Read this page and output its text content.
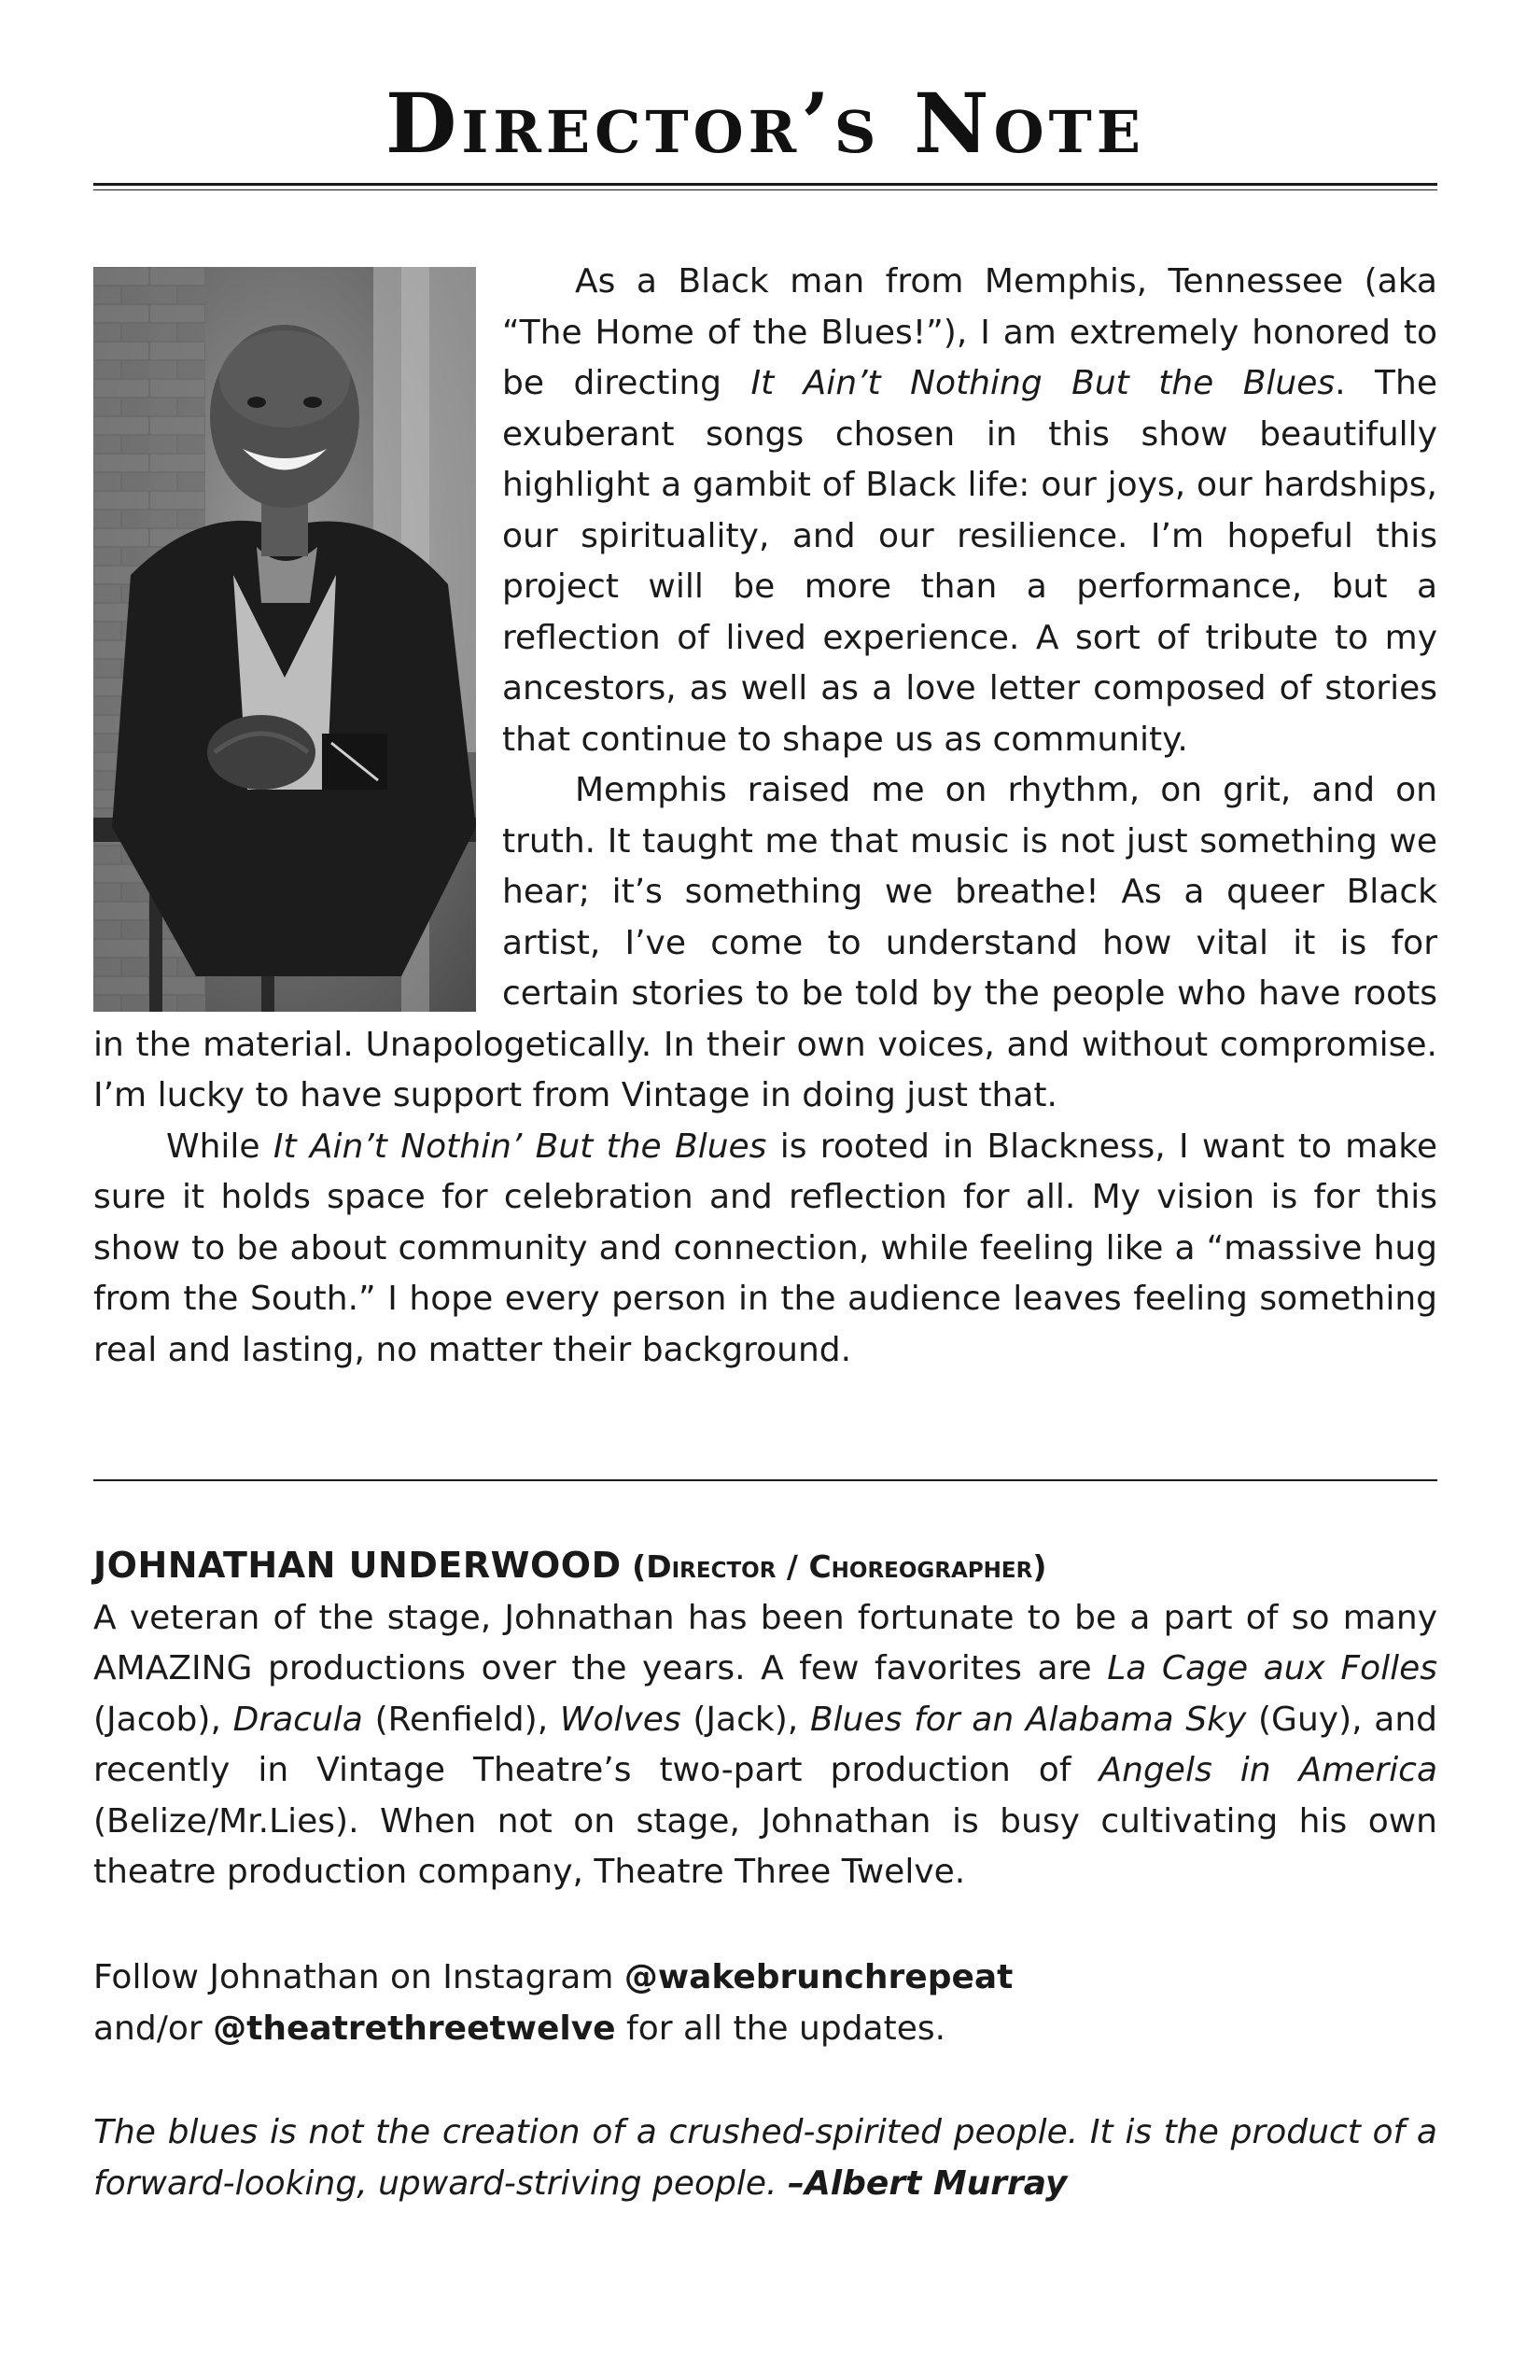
Director’s Note

As a Black man from Memphis, Tennessee (aka “The Home of the Blues!”), I am extremely honored to be directing It Ain’t Nothing But the Blues. The exuberant songs chosen in this show beautifully highlight a gambit of Black life: our joys, our hardships, our spirituality, and our resilience. I’m hopeful this project will be more than a performance, but a reflection of lived experience. A sort of tribute to my ancestors, as well as a love letter composed of stories that continue to shape us as community.

Memphis raised me on rhythm, on grit, and on truth. It taught me that music is not just something we hear; it’s something we breathe! As a queer Black artist, I’ve come to understand how vital it is for certain stories to be told by the people who have roots in the material. Unapologetically. In their own voices, and without compromise. I’m lucky to have support from Vintage in doing just that.

While It Ain’t Nothin’ But the Blues is rooted in Blackness, I want to make sure it holds space for celebration and reflection for all. My vision is for this show to be about community and connection, while feeling like a “massive hug from the South.” I hope every person in the audience leaves feeling something real and lasting, no matter their background.

JOHNATHAN UNDERWOOD (Director / Choreographer)

A veteran of the stage, Johnathan has been fortunate to be a part of so many AMAZING productions over the years. A few favorites are La Cage aux Folles (Jacob), Dracula (Renfield), Wolves (Jack), Blues for an Alabama Sky (Guy), and recently in Vintage Theatre’s two-part production of Angels in America (Belize/Mr.Lies). When not on stage, Johnathan is busy cultivating his own theatre production company, Theatre Three Twelve.

Follow Johnathan on Instagram @wakebrunchrepeat

and/or @theatrethreetwelve for all the updates.

The blues is not the creation of a crushed-spirited people. It is the product of a forward-looking, upward-striving people. –Albert Murray
